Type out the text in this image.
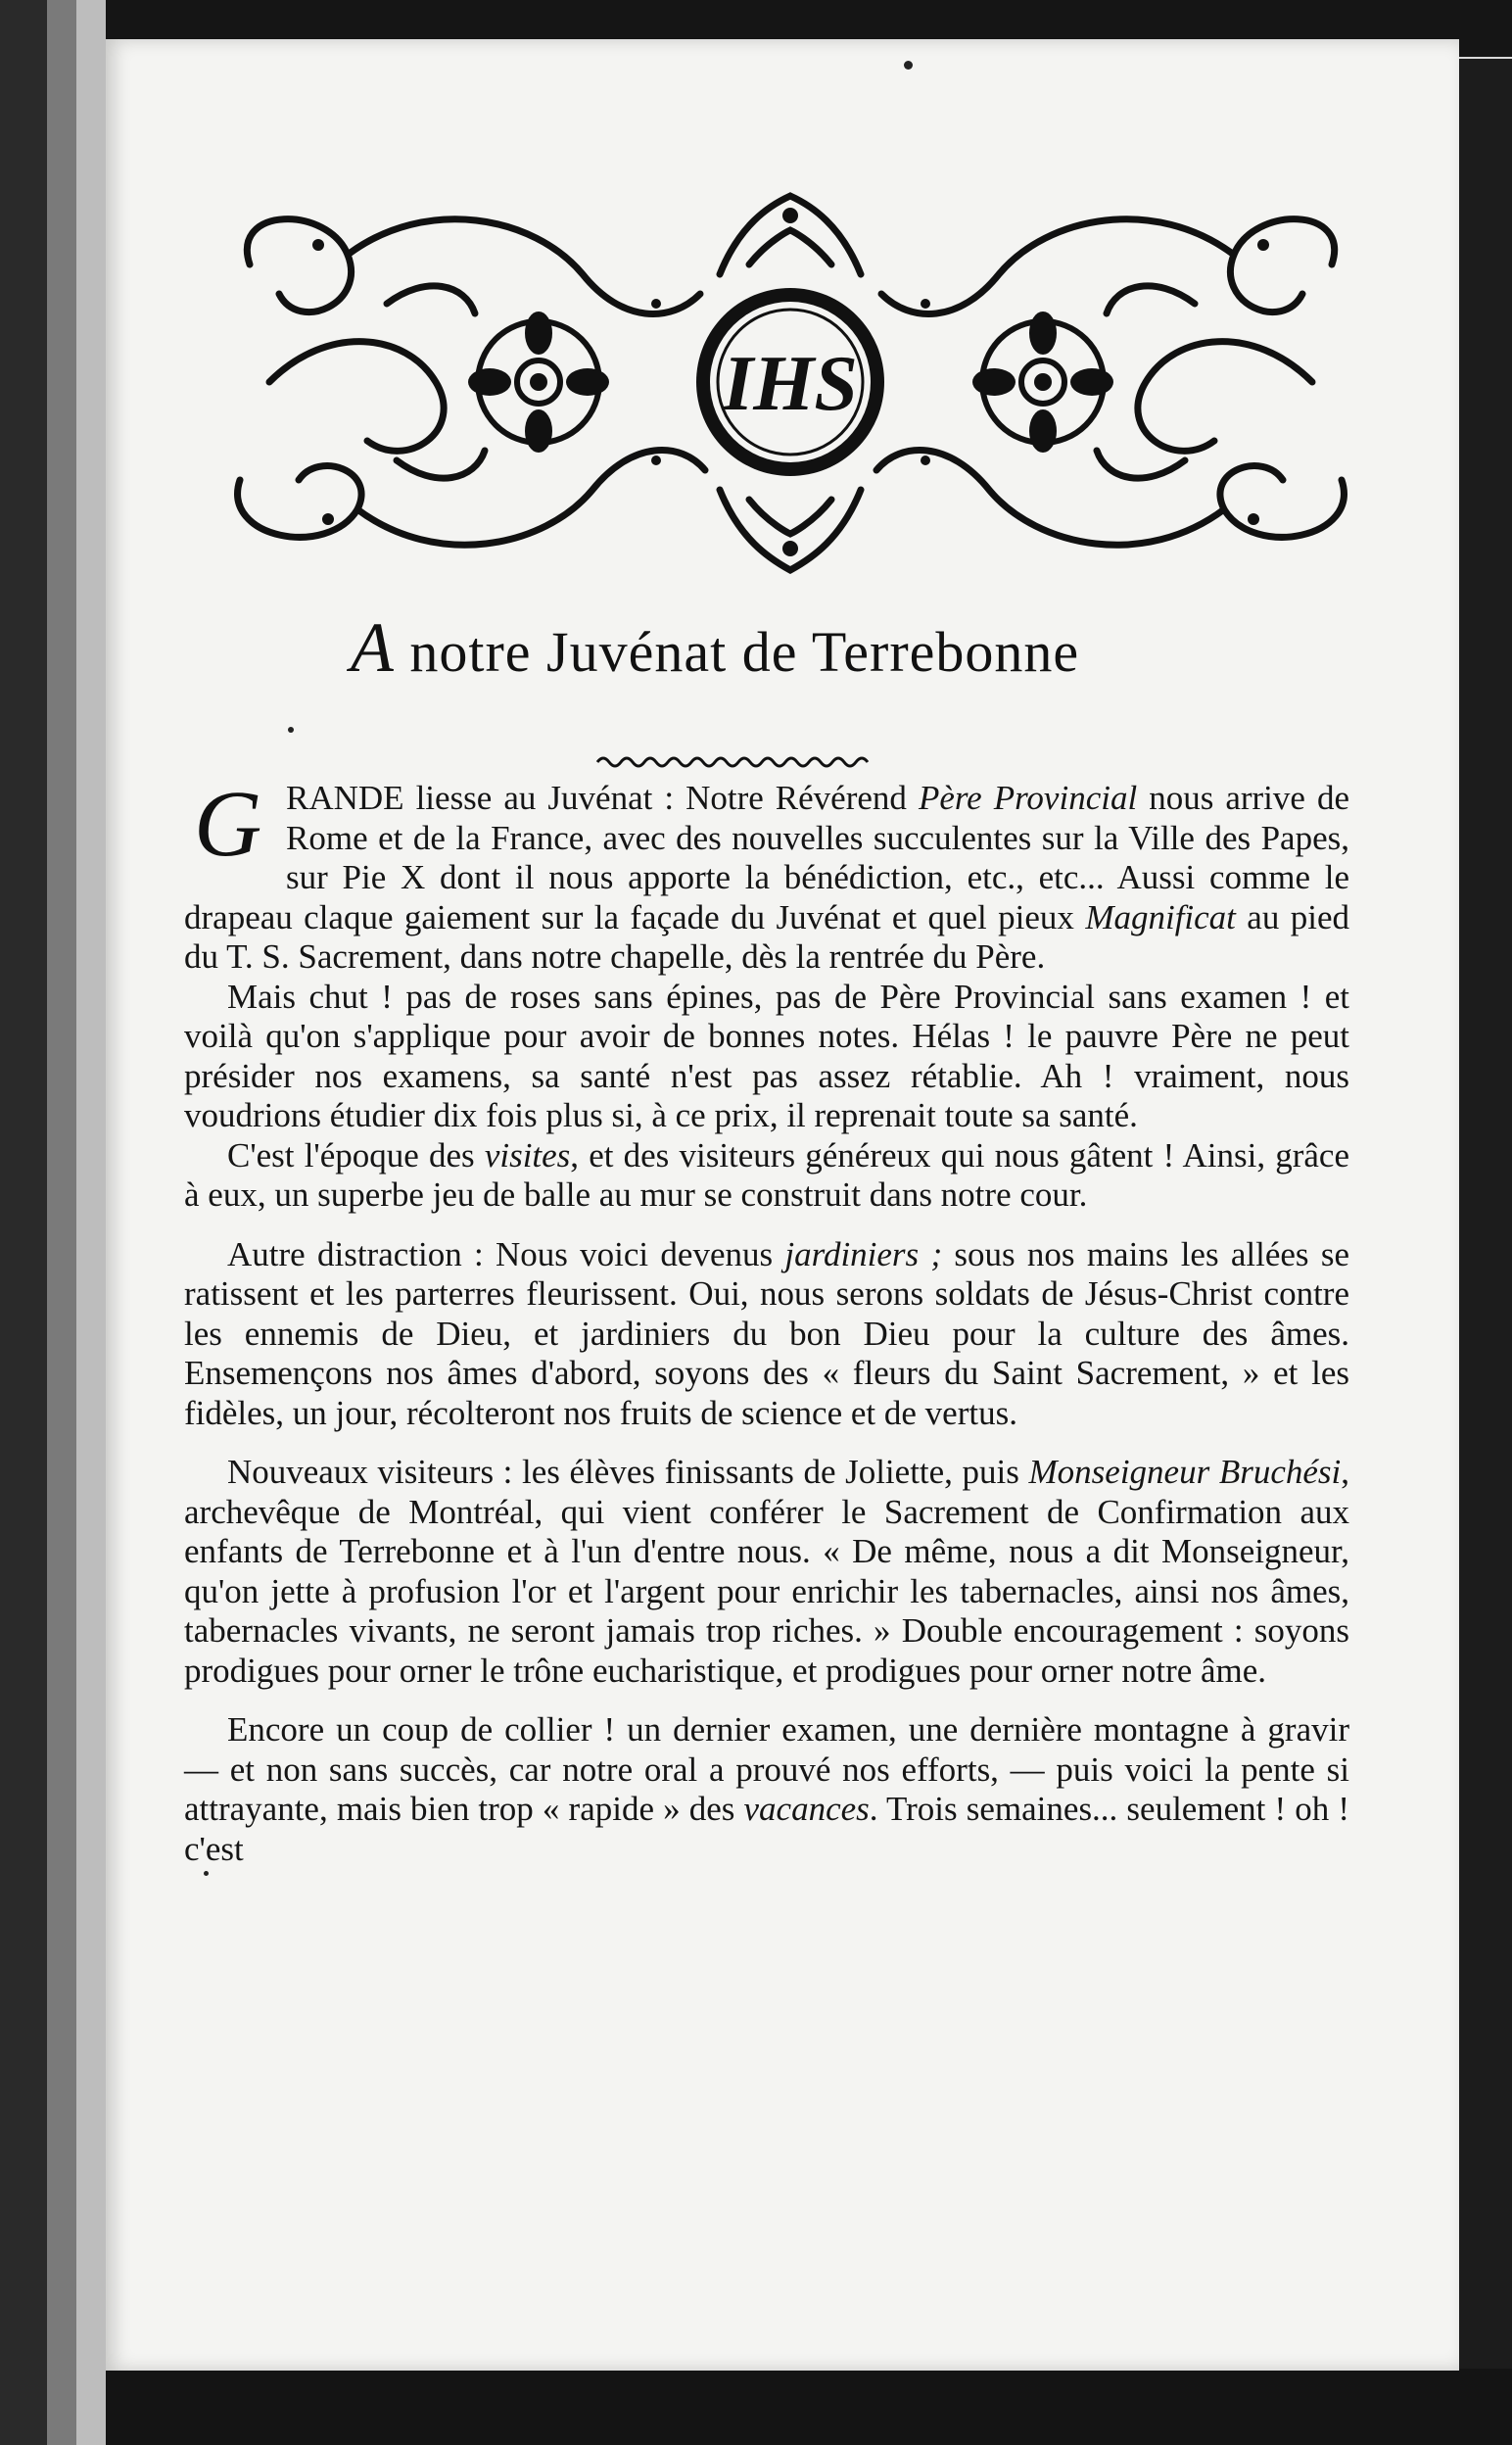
IHS
A notre Juvénat de Terrebonne

GRANDE liesse au Juvénat : Notre Révérend Père Provincial nous arrive de Rome et de la France, avec des nouvelles succulentes sur la Ville des Papes, sur Pie X dont il nous apporte la bénédiction, etc., etc... Aussi comme le drapeau claque gaiement sur la façade du Juvénat et quel pieux Magnificat au pied du T. S. Sacrement, dans notre chapelle, dès la rentrée du Père.

Mais chut ! pas de roses sans épines, pas de Père Provincial sans examen ! et voilà qu'on s'applique pour avoir de bonnes notes. Hélas ! le pauvre Père ne peut présider nos examens, sa santé n'est pas assez rétablie. Ah ! vraiment, nous voudrions étudier dix fois plus si, à ce prix, il reprenait toute sa santé.

C'est l'époque des visites, et des visiteurs généreux qui nous gâtent ! Ainsi, grâce à eux, un superbe jeu de balle au mur se construit dans notre cour.

Autre distraction : Nous voici devenus jardiniers ; sous nos mains les allées se ratissent et les parterres fleurissent. Oui, nous serons soldats de Jésus-Christ contre les ennemis de Dieu, et jardiniers du bon Dieu pour la culture des âmes. Ensemençons nos âmes d'abord, soyons des « fleurs du Saint Sacrement, » et les fidèles, un jour, récolteront nos fruits de science et de vertus.

Nouveaux visiteurs : les élèves finissants de Joliette, puis Monseigneur Bruchési, archevêque de Montréal, qui vient conférer le Sacrement de Confirmation aux enfants de Terrebonne et à l'un d'entre nous. « De même, nous a dit Monseigneur, qu'on jette à profusion l'or et l'argent pour enrichir les tabernacles, ainsi nos âmes, tabernacles vivants, ne seront jamais trop riches. » Double encouragement : soyons prodigues pour orner le trône eucharistique, et prodigues pour orner notre âme.

Encore un coup de collier ! un dernier examen, une dernière montagne à gravir — et non sans succès, car notre oral a prouvé nos efforts, — puis voici la pente si attrayante, mais bien trop « rapide » des vacances. Trois semaines... seulement ! oh ! c'est
